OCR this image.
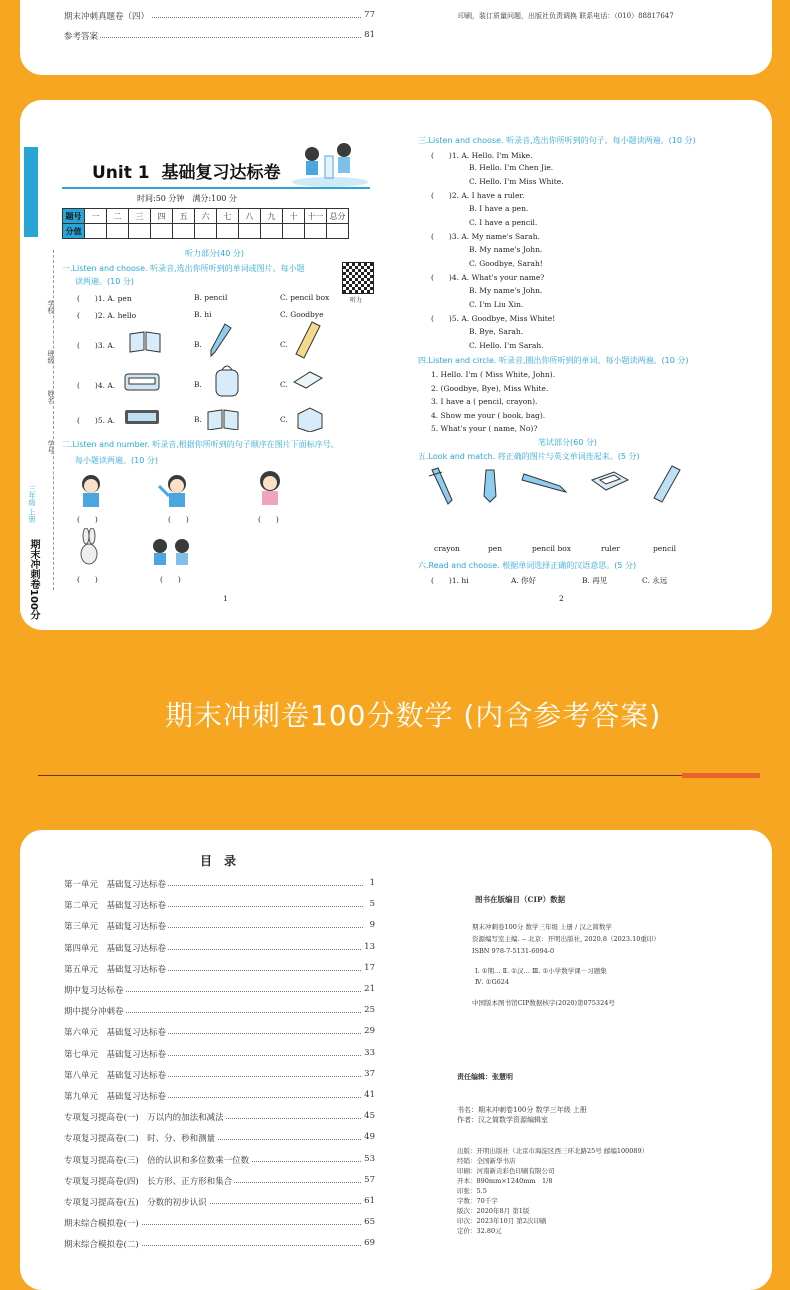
期末冲刺真题卷（四）	77
参考答案	81
印刷，装订质量问题，出版社负责调换 联系电话：（010）88817647
期末冲刺卷100分
三年级 上册
学校
班级
姓名
学号
Unit 1 基础复习达标卷
时间:50 分钟　满分:100 分
题号	一	二	三	四	五	六	七	八	九	十	十一	总分
分值												
听力部分(40 分)
听力
一.Listen and choose. 听录音,选出你所听到的单词或图片。每小题
读两遍。(10 分)
(　　)1. A. pen	B. pencil	C. pencil box
(　　)2. A. hello	B. hi	C. Goodbye
(　　)3. A.	B.	C.
(　　)4. A.	B.	C.
(　　)5. A.	B.	C.
二.Listen and number. 听录音,根据你所听到的句子顺序在图片下面标序号。
每小题读两遍。(10 分)
(　　)	(　　)	(　　)
(　　)	(　　)
1
三.Listen and choose. 听录音,选出你所听到的句子。每小题读两遍。(10 分)
(　　)1. A. Hello. I'm Mike.
B. Hello. I'm Chen Jie.
C. Hello. I'm Miss White.
(　　)2. A. I have a ruler.
B. I have a pen.
C. I have a pencil.
(　　)3. A. My name's Sarah.
B. My name's John.
C. Goodbye, Sarah!
(　　)4. A. What's your name?
B. My name's John.
C. I'm Liu Xin.
(　　)5. A. Goodbye, Miss White!
B. Bye, Sarah.
C. Hello. I'm Sarah.
四.Listen and circle. 听录音,圈出你所听到的单词。每小题读两遍。(10 分)
1. Hello. I'm ( Miss White, John).
2. (Goodbye, Bye), Miss White.
3. I have a ( pencil, crayon).
4. Show me your ( book, bag).
5. What's your ( name, No)?
笔试部分(60 分)
五.Look and match. 将正确的图片与英文单词连起来。(5 分)
crayon	pen	pencil box	ruler	pencil
六.Read and choose. 根据单词选择正确的汉语意思。(5 分)
(　　)1. hi	A. 你好	B. 再见	C. 永远
2
期末冲刺卷100分数学 (内含参考答案)
目　录
第一单元　基础复习达标卷	1
第二单元　基础复习达标卷	5
第三单元　基础复习达标卷	9
第四单元　基础复习达标卷	13
第五单元　基础复习达标卷	17
期中复习达标卷	21
期中提分冲刺卷	25
第六单元　基础复习达标卷	29
第七单元　基础复习达标卷	33
第八单元　基础复习达标卷	37
第九单元　基础复习达标卷	41
专项复习提高卷(一)　万以内的加法和减法	45
专项复习提高卷(二)　时、分、秒和测量	49
专项复习提高卷(三)　倍的认识和多位数乘一位数	53
专项复习提高卷(四)　长方形、正方形和集合	57
专项复习提高卷(五)　分数的初步认识	61
期末综合模拟卷(一)	65
期末综合模拟卷(二)	69
图书在版编目（CIP）数据
期末冲刺卷100分 数学三年级 上册 / 汉之简数学
资源编写室主编. -- 北京：开明出版社, 2020.8（2023.10重印）
ISBN 978-7-5131-6094-0
Ⅰ. ①期… Ⅱ. ①汉… Ⅲ. ①小学数学课－习题集
Ⅳ. ①G624
中国版本图书馆CIP数据核字(2020)第075324号
责任编辑：张慧明
书名：期末冲刺卷100分 数学三年级 上册
作者：汉之简数学资源编辑室
出版：开明出版社（北京市海淀区西三环北路25号 邮编100089）
经销：全国新华书店
印刷：河南新贡彩色印刷有限公司
开本：890mm×1240mm　1/8
印张：5.5
字数：70千字
版次：2020年8月 第1版
印次：2023年10月 第2次印刷
定价：32.80元
